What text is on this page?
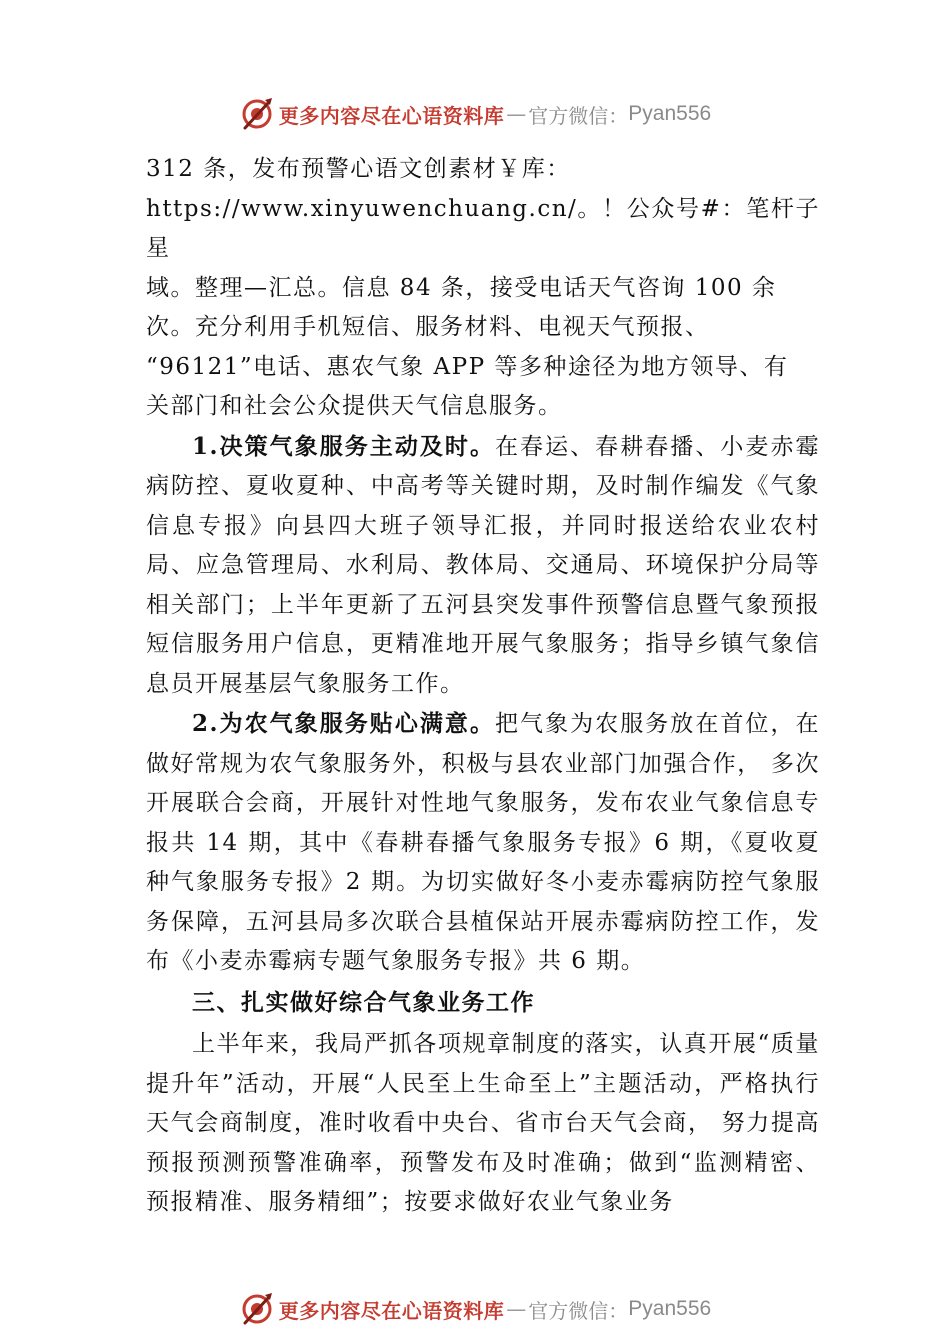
更多内容尽在心语资料库 — 官方微信： Pyan556

312 条，发布预警心语文创素材￥库：
https://www.xinyuwenchuang.cn/。！公众号#：笔杆子星
域。整理—汇总。信息 84 条，接受电话天气咨询 100 余
次。充分利用手机短信、服务材料、电视天气预报、
“96121”电话、惠农气象 APP 等多种途径为地方领导、有
关部门和社会公众提供天气信息服务。

1.决策气象服务主动及时。在春运、春耕春播、小麦赤霉病防控、夏收夏种、中高考等关键时期，及时制作编发《气象信息专报》向县四大班子领导汇报，并同时报送给农业农村局、应急管理局、水利局、教体局、交通局、环境保护分局等相关部门；上半年更新了五河县突发事件预警信息暨气象预报短信服务用户信息，更精准地开展气象服务；指导乡镇气象信息员开展基层气象服务工作。

2.为农气象服务贴心满意。把气象为农服务放在首位，在做好常规为农气象服务外，积极与县农业部门加强合作， 多次开展联合会商，开展针对性地气象服务，发布农业气象信息专报共 14 期，其中《春耕春播气象服务专报》6 期，《夏收夏种气象服务专报》2 期。为切实做好冬小麦赤霉病防控气象服务保障，五河县局多次联合县植保站开展赤霉病防控工作，发布《小麦赤霉病专题气象服务专报》共 6 期。

三、扎实做好综合气象业务工作

上半年来，我局严抓各项规章制度的落实，认真开展“质量提升年”活动，开展“人民至上生命至上”主题活动，严格执行天气会商制度，准时收看中央台、省市台天气会商， 努力提高预报预测预警准确率，预警发布及时准确；做到“监测精密、预报精准、服务精细”；按要求做好农业气象业务

更多内容尽在心语资料库 — 官方微信： Pyan556
